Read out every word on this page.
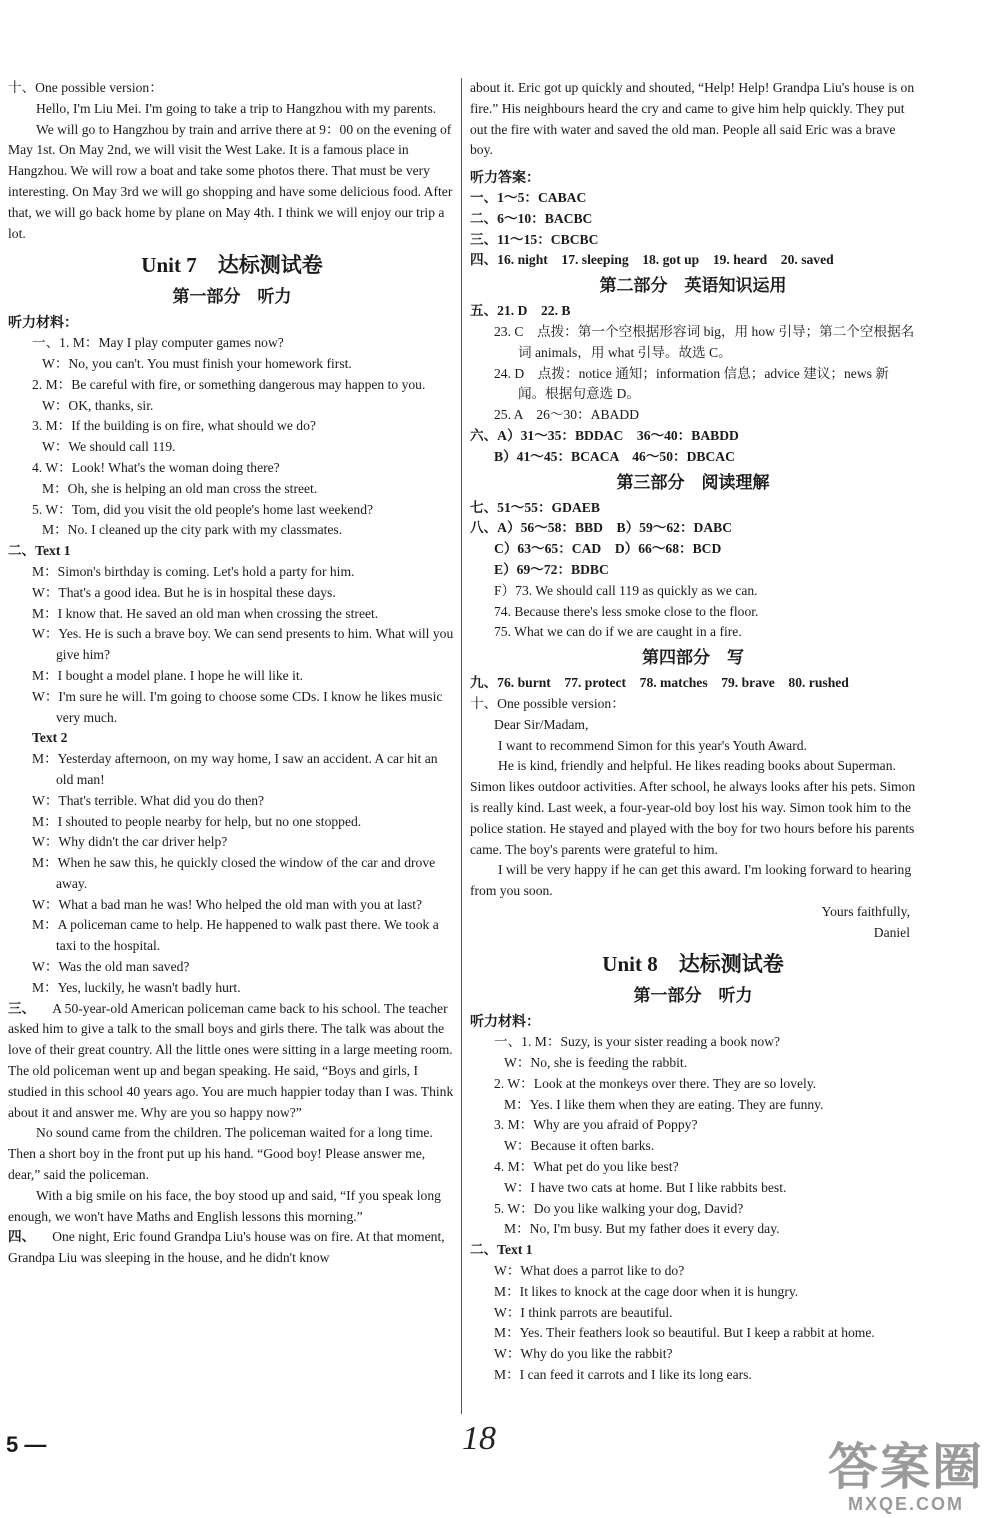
十、One possible version：

Hello, I'm Liu Mei. I'm going to take a trip to Hangzhou with my parents.

We will go to Hangzhou by train and arrive there at 9：00 on the evening of May 1st. On May 2nd, we will visit the West Lake. It is a famous place in Hangzhou. We will row a boat and take some photos there. That must be very interesting. On May 3rd we will go shopping and have some delicious food. After that, we will go back home by plane on May 4th. I think we will enjoy our trip a lot.

Unit 7　达标测试卷
第一部分　听力

听力材料：

一、1. M：May I play computer games now?

W：No, you can't. You must finish your homework first.

2. M：Be careful with fire, or something dangerous may happen to you.

W：OK, thanks, sir.

3. M：If the building is on fire, what should we do?

W：We should call 119.

4. W：Look! What's the woman doing there?

M：Oh, she is helping an old man cross the street.

5. W：Tom, did you visit the old people's home last weekend?

M：No. I cleaned up the city park with my classmates.

二、Text 1

M：Simon's birthday is coming. Let's hold a party for him.

W：That's a good idea. But he is in hospital these days.

M：I know that. He saved an old man when crossing the street.

W：Yes. He is such a brave boy. We can send presents to him. What will you give him?

M：I bought a model plane. I hope he will like it.

W：I'm sure he will. I'm going to choose some CDs. I know he likes music very much.

Text 2

M：Yesterday afternoon, on my way home, I saw an accident. A car hit an old man!

W：That's terrible. What did you do then?

M：I shouted to people nearby for help, but no one stopped.

W：Why didn't the car driver help?

M：When he saw this, he quickly closed the window of the car and drove away.

W：What a bad man he was! Who helped the old man with you at last?

M：A policeman came to help. He happened to walk past there. We took a taxi to the hospital.

W：Was the old man saved?

M：Yes, luckily, he wasn't badly hurt.

三、 A 50-year-old American policeman came back to his school. The teacher asked him to give a talk to the small boys and girls there. The talk was about the love of their great country. All the little ones were sitting in a large meeting room. The old policeman went up and began speaking. He said, “Boys and girls, I studied in this school 40 years ago. You are much happier today than I was. Think about it and answer me. Why are you so happy now?”

No sound came from the children. The policeman waited for a long time. Then a short boy in the front put up his hand. “Good boy! Please answer me, dear,” said the policeman.

With a big smile on his face, the boy stood up and said, “If you speak long enough, we won't have Maths and English lessons this morning.”

四、 One night, Eric found Grandpa Liu's house was on fire. At that moment, Grandpa Liu was sleeping in the house, and he didn't know

about it. Eric got up quickly and shouted, “Help! Help! Grandpa Liu's house is on fire.” His neighbours heard the cry and came to give him help quickly. They put out the fire with water and saved the old man. People all said Eric was a brave boy.

听力答案：

一、1～5：CABAC

二、6～10：BACBC

三、11～15：CBCBC

四、16. night　17. sleeping　18. got up　19. heard　20. saved

第二部分　英语知识运用

五、21. D　22. B

23. C　点拨：第一个空根据形容词 big，用 how 引导；第二个空根据名词 animals，用 what 引导。故选 C。

24. D　点拨：notice 通知；information 信息；advice 建议；news 新闻。根据句意选 D。

25. A　26～30：ABADD

六、A）31～35：BDDAC　36～40：BABDD

B）41～45：BCACA　46～50：DBCAC

第三部分　阅读理解

七、51～55：GDAEB

八、A）56～58：BBD　B）59～62：DABC

C）63～65：CAD　D）66～68：BCD

E）69～72：BDBC

F）73. We should call 119 as quickly as we can.

74. Because there's less smoke close to the floor.

75. What we can do if we are caught in a fire.

第四部分　写

九、76. burnt　77. protect　78. matches　79. brave　80. rushed

十、One possible version：

Dear Sir/Madam,

I want to recommend Simon for this year's Youth Award.

He is kind, friendly and helpful. He likes reading books about Superman. Simon likes outdoor activities. After school, he always looks after his pets. Simon is really kind. Last week, a four-year-old boy lost his way. Simon took him to the police station. He stayed and played with the boy for two hours before his parents came. The boy's parents were grateful to him.

I will be very happy if he can get this award. I'm looking forward to hearing from you soon.

Yours faithfully,

Daniel

Unit 8　达标测试卷
第一部分　听力

听力材料：

一、1. M：Suzy, is your sister reading a book now?

W：No, she is feeding the rabbit.

2. W：Look at the monkeys over there. They are so lovely.

M：Yes. I like them when they are eating. They are funny.

3. M：Why are you afraid of Poppy?

W：Because it often barks.

4. M：What pet do you like best?

W：I have two cats at home. But I like rabbits best.

5. W：Do you like walking your dog, David?

M：No, I'm busy. But my father does it every day.

二、Text 1

W：What does a parrot like to do?

M：It likes to knock at the cage door when it is hungry.

W：I think parrots are beautiful.

M：Yes. Their feathers look so beautiful. But I keep a rabbit at home.

W：Why do you like the rabbit?

M：I can feed it carrots and I like its long ears.

5 —	18
答案圈
MXQE.COM
